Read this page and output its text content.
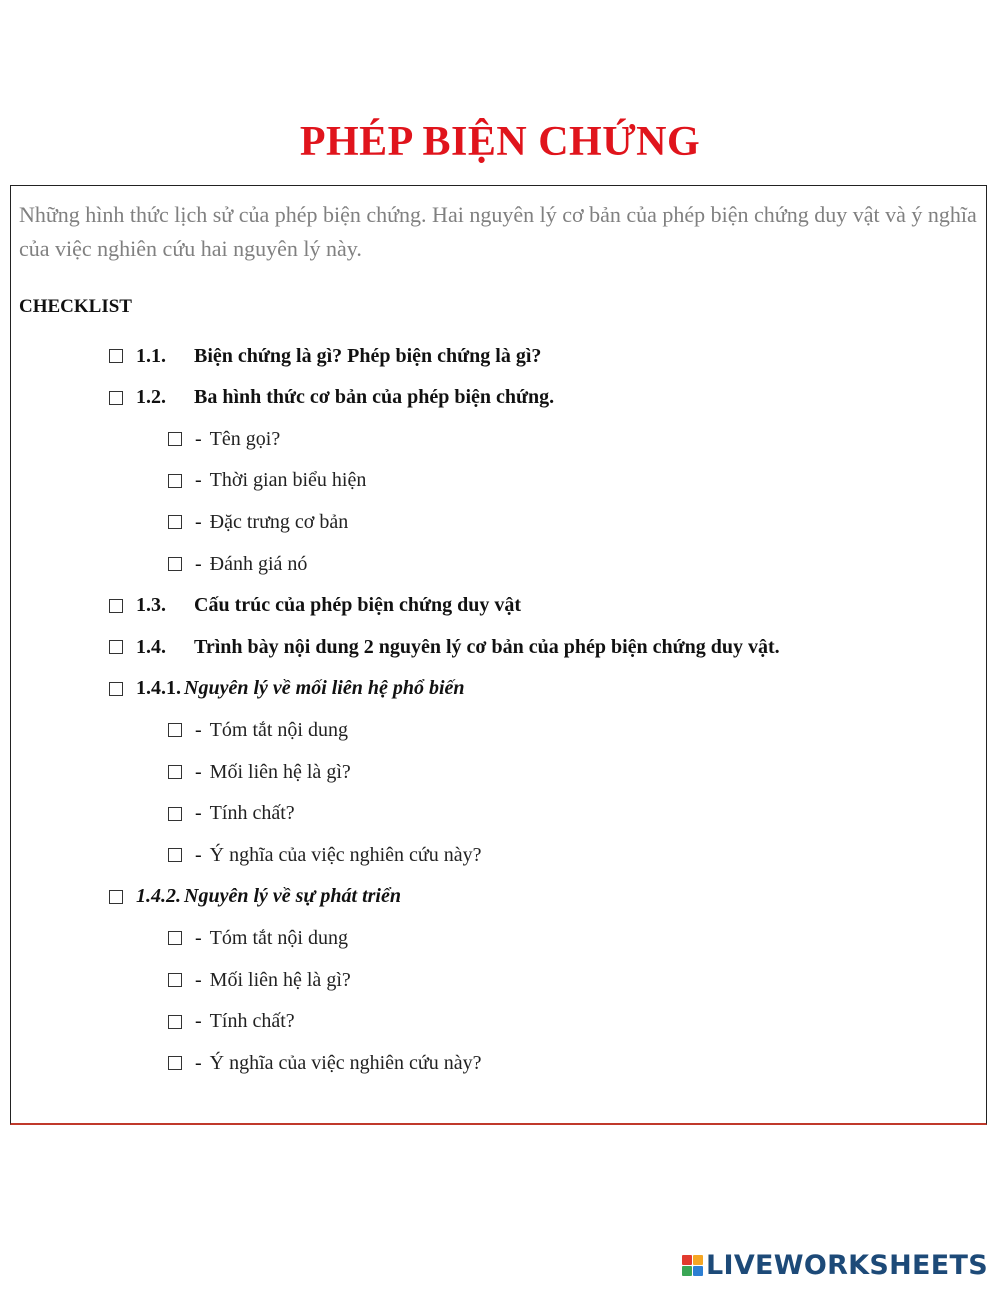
PHÉP BIỆN CHỨNG

Những hình thức lịch sử của phép biện chứng. Hai nguyên lý cơ bản của phép biện chứng duy vật và ý nghĩa của việc nghiên cứu hai nguyên lý này.

CHECKLIST

1.1.	Biện chứng là gì? Phép biện chứng là gì?
1.2.	Ba hình thức cơ bản của phép biện chứng.
- Tên gọi?
- Thời gian biểu hiện
- Đặc trưng cơ bản
- Đánh giá nó
1.3.	Cấu trúc của phép biện chứng duy vật
1.4.	Trình bày nội dung 2 nguyên lý cơ bản của phép biện chứng duy vật.
1.4.1. Nguyên lý về mối liên hệ phổ biến
- Tóm tắt nội dung
- Mối liên hệ là gì?
- Tính chất?
- Ý nghĩa của việc nghiên cứu này?
1.4.2. Nguyên lý về sự phát triển
- Tóm tắt nội dung
- Mối liên hệ là gì?
- Tính chất?
- Ý nghĩa của việc nghiên cứu này?
LIVEWORKSHEETS
